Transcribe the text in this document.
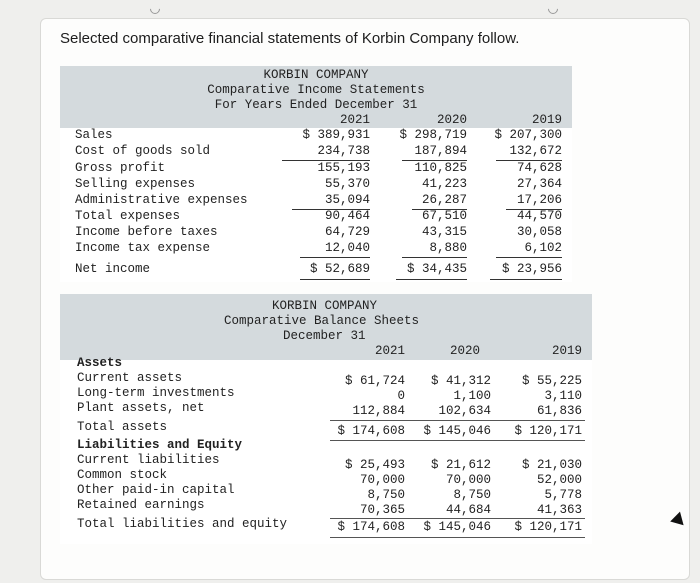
Selected comparative financial statements of Korbin Company follow.
KORBIN COMPANY
Comparative Income Statements
For Years Ended December 31
2021	2020	2019
Sales	$ 389,931	$ 298,719	$ 207,300
Cost of goods sold	234,738	187,894	132,672
Gross profit	155,193	110,825	74,628
Selling expenses	55,370	41,223	27,364
Administrative expenses	35,094	26,287	17,206
Total expenses	90,464	67,510	44,570
Income before taxes	64,729	43,315	30,058
Income tax expense	12,040	8,880	6,102
Net income	$ 52,689	$ 34,435	$ 23,956
KORBIN COMPANY
Comparative Balance Sheets
December 31
2021	2020	2019
Assets
Current assets	$ 61,724	$ 41,312	$ 55,225
Long-term investments	0	1,100	3,110
Plant assets, net	112,884	102,634	61,836
Total assets	$ 174,608	$ 145,046	$ 120,171
Liabilities and Equity
Current liabilities	$ 25,493	$ 21,612	$ 21,030
Common stock	70,000	70,000	52,000
Other paid-in capital	8,750	8,750	5,778
Retained earnings	70,365	44,684	41,363
Total liabilities and equity	$ 174,608	$ 145,046	$ 120,171
